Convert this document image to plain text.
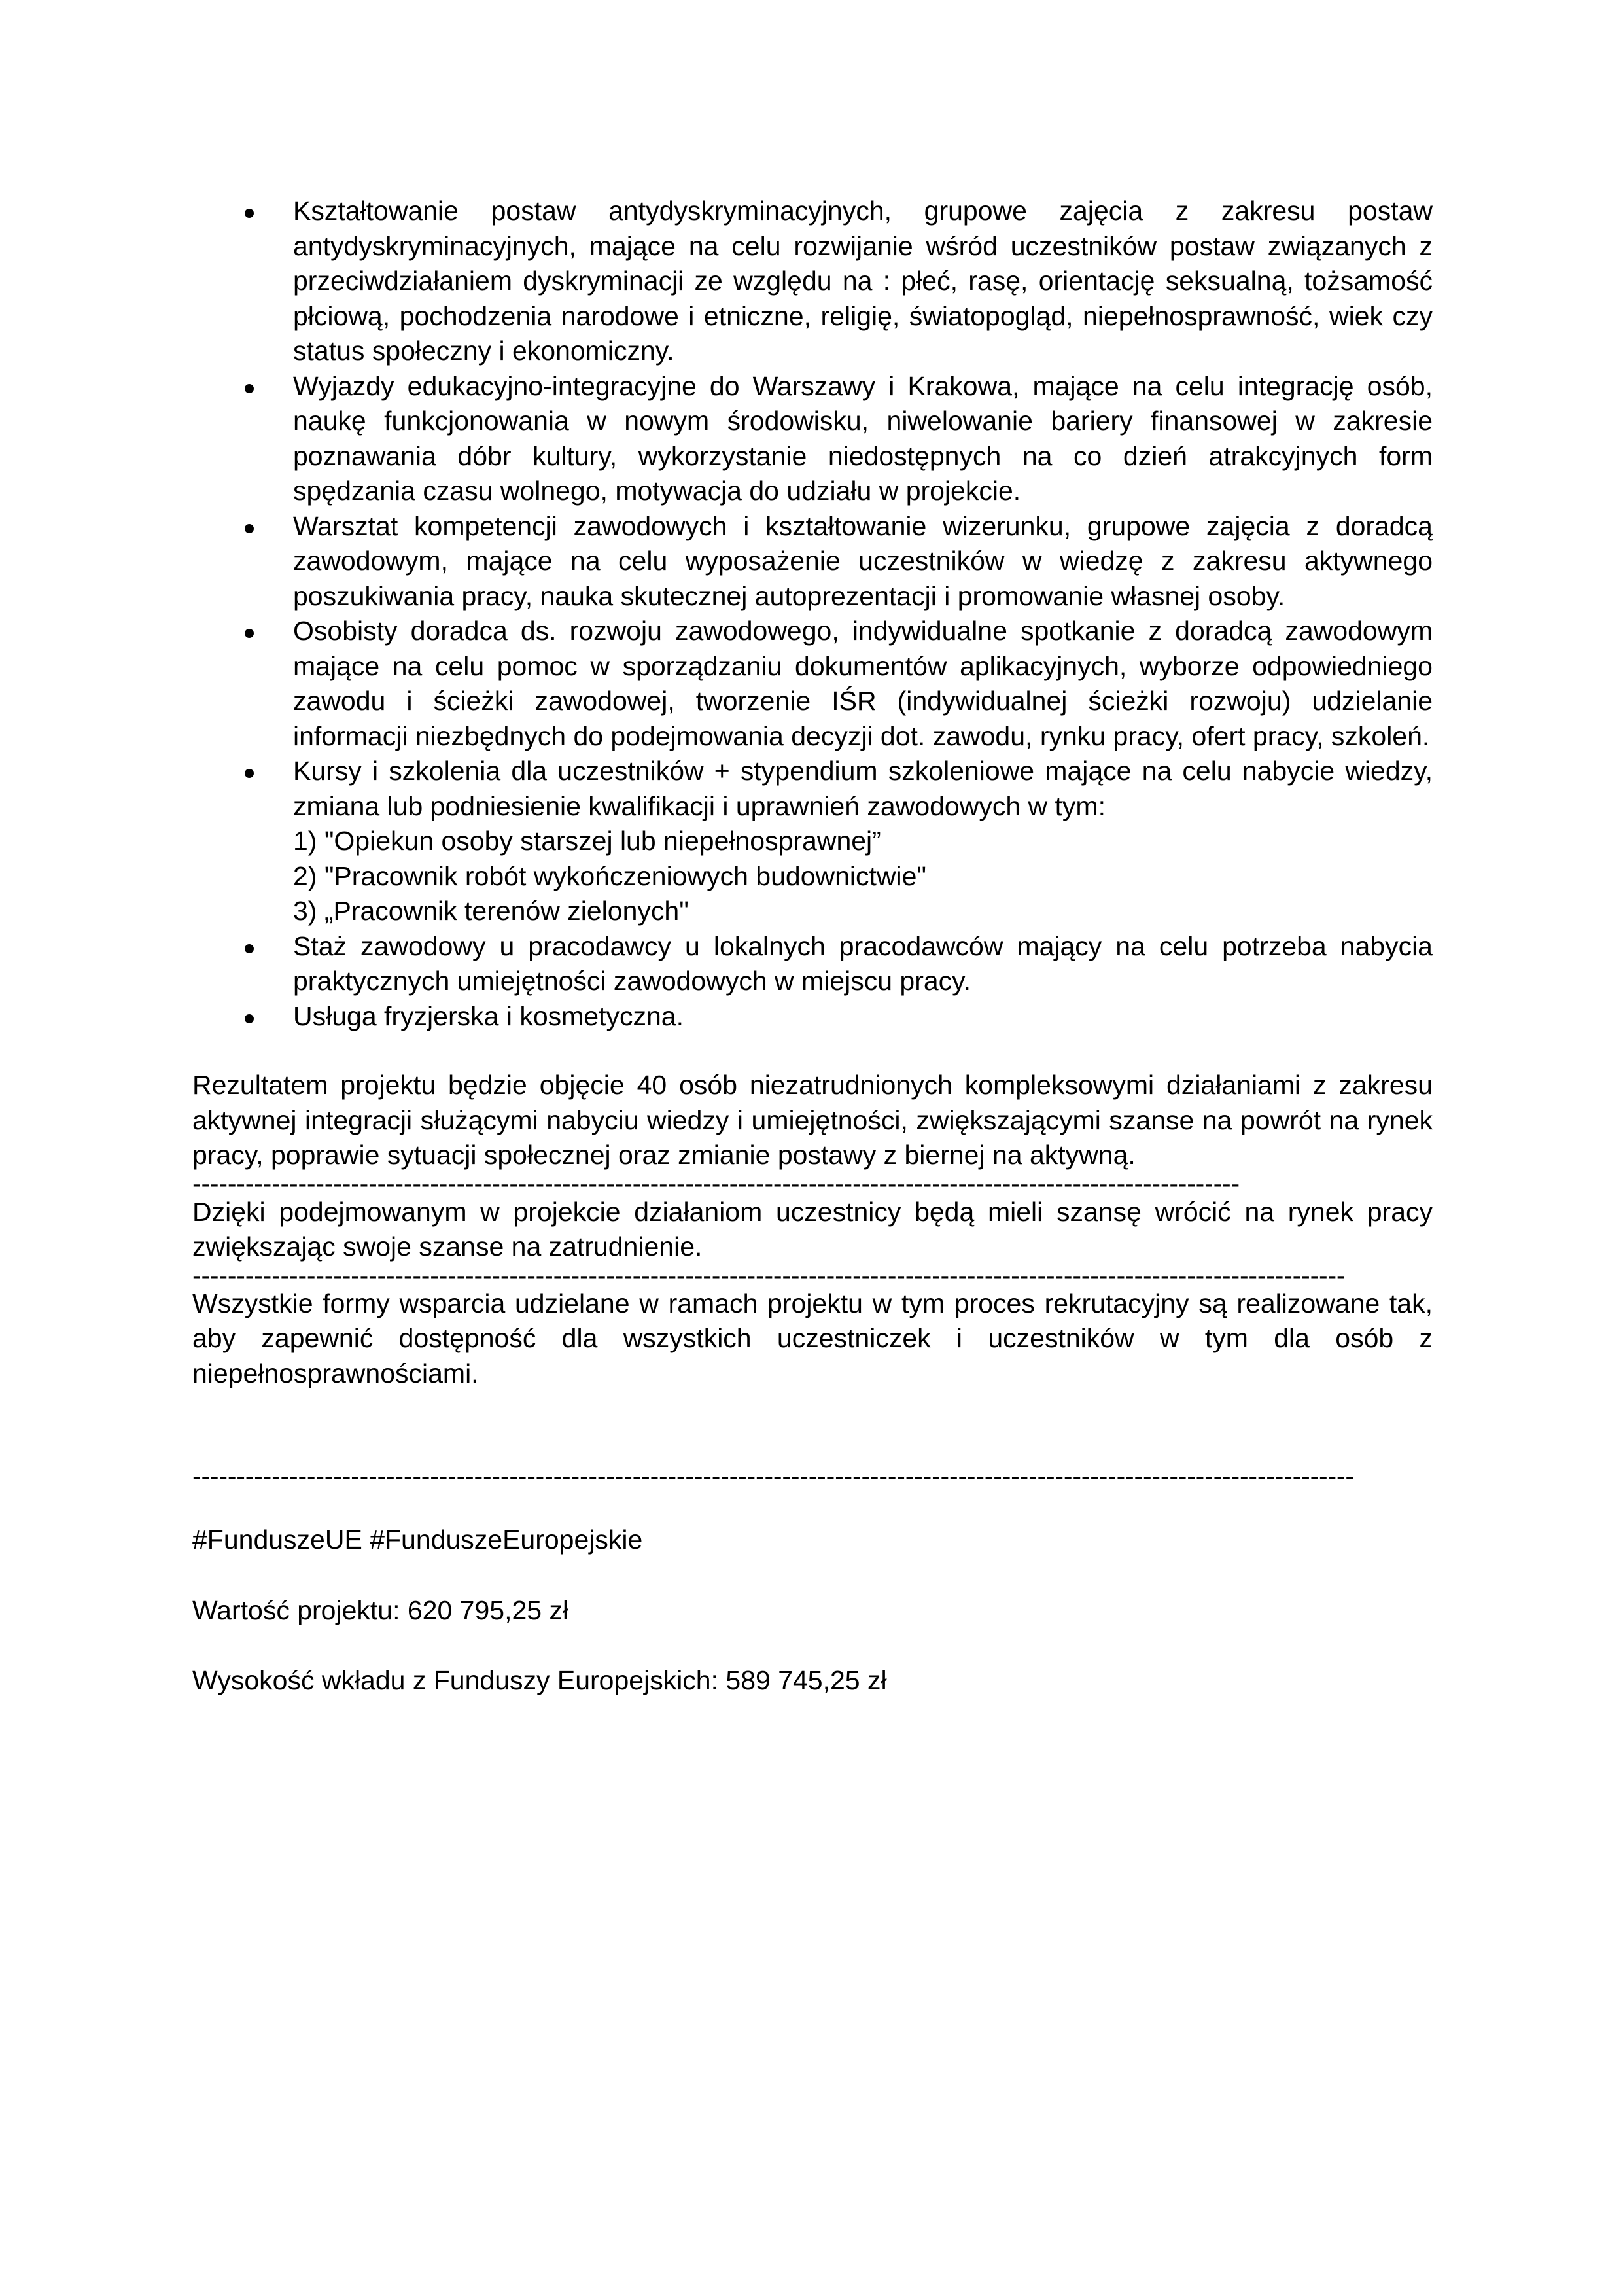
Kształtowanie postaw antydyskryminacyjnych, grupowe zajęcia z zakresu postaw antydyskryminacyjnych, mające na celu rozwijanie wśród uczestników postaw związanych z przeciwdziałaniem dyskryminacji ze względu na : płeć, rasę, orientację seksualną, tożsamość płciową, pochodzenia narodowe i etniczne, religię, światopogląd, niepełnosprawność, wiek czy status społeczny i ekonomiczny.
Wyjazdy edukacyjno-integracyjne do Warszawy i Krakowa, mające na celu integrację osób, naukę funkcjonowania w nowym środowisku, niwelowanie bariery finansowej w zakresie poznawania dóbr kultury, wykorzystanie niedostępnych na co dzień atrakcyjnych form spędzania czasu wolnego, motywacja do udziału w projekcie.
Warsztat kompetencji zawodowych i kształtowanie wizerunku, grupowe zajęcia z doradcą zawodowym, mające na celu wyposażenie uczestników w wiedzę z zakresu aktywnego poszukiwania pracy, nauka skutecznej autoprezentacji i promowanie własnej osoby.
Osobisty doradca ds. rozwoju zawodowego, indywidualne spotkanie z doradcą zawodowym mające na celu pomoc w sporządzaniu dokumentów aplikacyjnych, wyborze odpowiedniego zawodu i ścieżki zawodowej, tworzenie IŚR (indywidualnej ścieżki rozwoju) udzielanie informacji niezbędnych do podejmowania decyzji dot. zawodu, rynku pracy, ofert pracy, szkoleń.
Kursy i szkolenia dla uczestników + stypendium szkoleniowe mające na celu nabycie wiedzy, zmiana lub podniesienie kwalifikacji i uprawnień zawodowych w tym:
1) "Opiekun osoby starszej lub niepełnosprawnej”
2) "Pracownik robót wykończeniowych budownictwie"
3) „Pracownik terenów zielonych"
Staż zawodowy u pracodawcy u lokalnych pracodawców mający na celu potrzeba nabycia praktycznych umiejętności zawodowych w miejscu pracy.
Usługa fryzjerska i kosmetyczna.

Rezultatem projektu będzie objęcie 40 osób niezatrudnionych kompleksowymi działaniami z zakresu aktywnej integracji służącymi nabyciu wiedzy i umiejętności, zwiększającymi szanse na powrót na rynek pracy, poprawie sytuacji społecznej oraz zmianie postawy z biernej na aktywną.

-----------------------------------------------------------------------------------------------------------------------

Dzięki podejmowanym w projekcie działaniom uczestnicy będą mieli szansę wrócić na rynek pracy zwiększając swoje szanse na zatrudnienie.

-----------------------------------------------------------------------------------------------------------------------------------

Wszystkie formy wsparcia udzielane w ramach projektu w tym proces rekrutacyjny są realizowane tak, aby zapewnić dostępność dla wszystkich uczestniczek i uczestników w tym dla osób z niepełnosprawnościami.

------------------------------------------------------------------------------------------------------------------------------------

#FunduszeUE #FunduszeEuropejskie

Wartość projektu: 620 795,25 zł

Wysokość wkładu z Funduszy Europejskich: 589 745,25 zł
